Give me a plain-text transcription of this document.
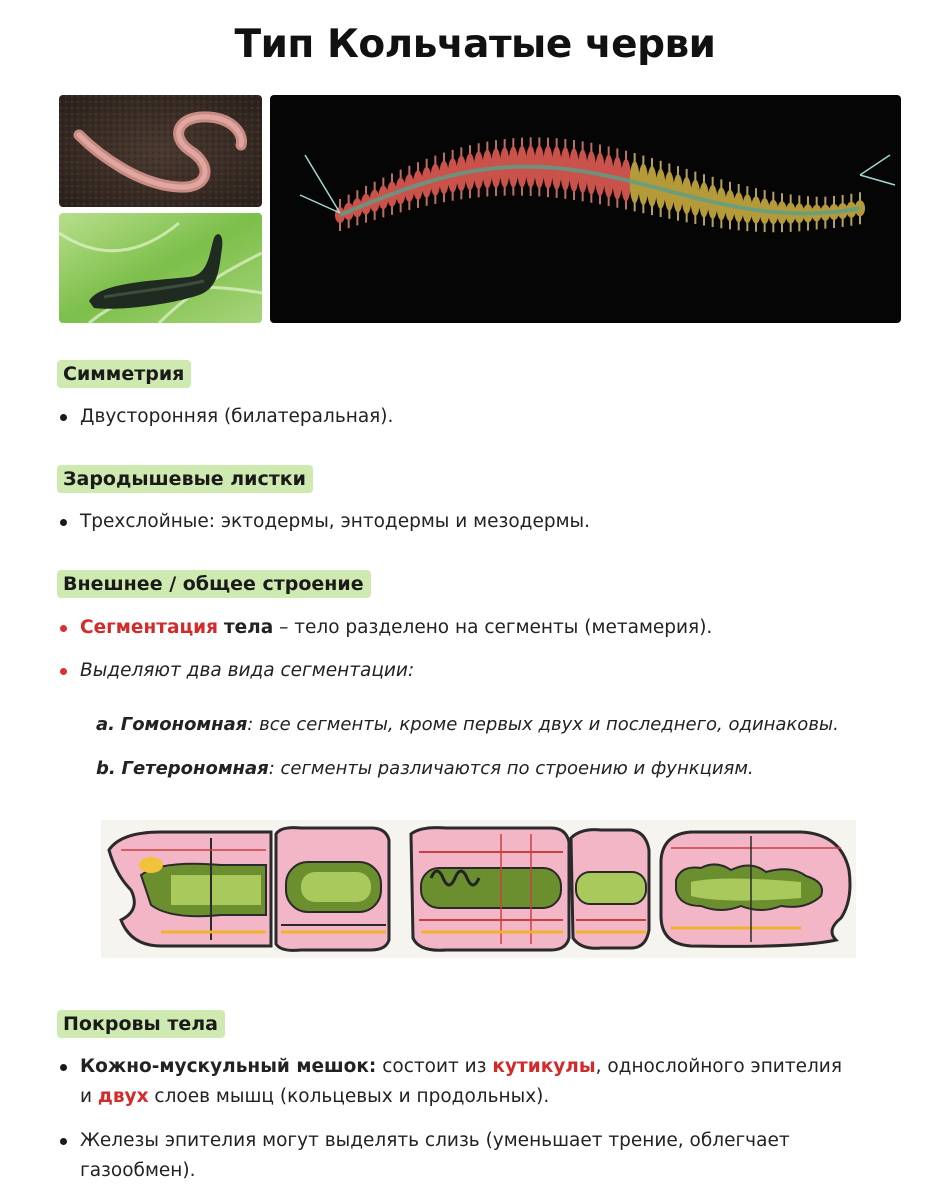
Тип Кольчатые черви
Симметрия
Двусторонняя (билатеральная).
Зародышевые листки
Трехслойные: эктодермы, энтодермы и мезодермы.
Внешнее / общее строение
Сегментация тела – тело разделено на сегменты (метамерия).
Выделяют два вида сегментации:
a. Гомономная: все сегменты, кроме первых двух и последнего, одинаковы.
b. Гетерономная: сегменты различаются по строению и функциям.
Покровы тела
Кожно-мускульный мешок: состоит из кутикулы, однослойного эпителия
и двух слоев мышц (кольцевых и продольных).
Железы эпителия могут выделять слизь (уменьшает трение, облегчает
газообмен).
